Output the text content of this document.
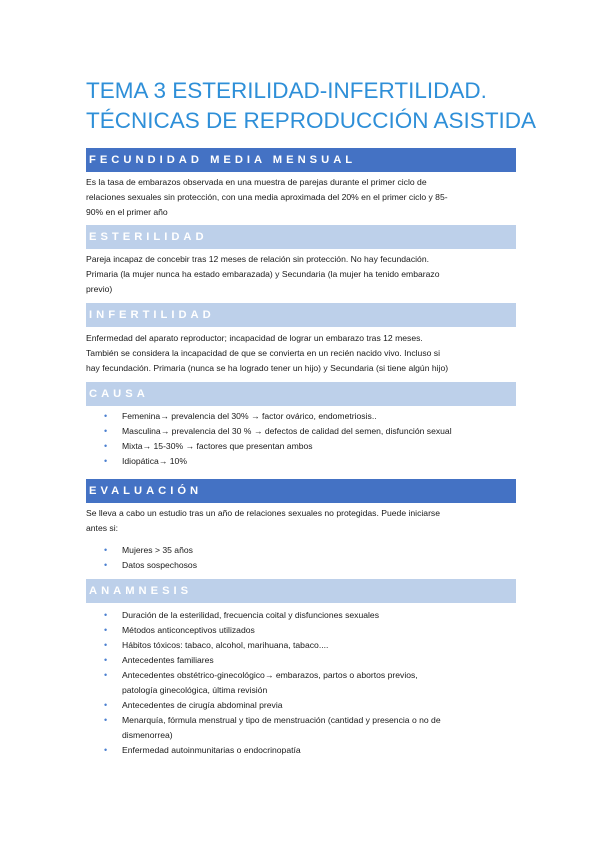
TEMA 3 ESTERILIDAD-INFERTILIDAD.
TÉCNICAS DE REPRODUCCIÓN ASISTIDA
FECUNDIDAD MEDIA MENSUAL

Es la tasa de embarazos observada en una muestra de parejas durante el primer ciclo de
relaciones sexuales sin protección, con una media aproximada del 20% en el primer ciclo y 85-
90% en el primer año

ESTERILIDAD

Pareja incapaz de concebir tras 12 meses de relación sin protección. No hay fecundación.
Primaria (la mujer nunca ha estado embarazada) y Secundaria (la mujer ha tenido embarazo
previo)

INFERTILIDAD

Enfermedad del aparato reproductor; incapacidad de lograr un embarazo tras 12 meses.
También se considera la incapacidad de que se convierta en un recién nacido vivo. Incluso si
hay fecundación. Primaria (nunca se ha logrado tener un hijo) y Secundaria (si tiene algún hijo)

CAUSA
• Femenina→ prevalencia del 30% → factor ovárico, endometriosis..
• Masculina→ prevalencia del 30 % → defectos de calidad del semen, disfunción sexual
• Mixta→ 15-30% → factores que presentan ambos
• Idiopática→ 10%
EVALUACIÓN

Se lleva a cabo un estudio tras un año de relaciones sexuales no protegidas. Puede iniciarse
antes si:

• Mujeres > 35 años
• Datos sospechosos
ANAMNESIS
• Duración de la esterilidad, frecuencia coital y disfunciones sexuales
• Métodos anticonceptivos utilizados
• Hábitos tóxicos: tabaco, alcohol, marihuana, tabaco....
• Antecedentes familiares
• Antecedentes obstétrico-ginecológico→ embarazos, partos o abortos previos,
patología ginecológica, última revisión
• Antecedentes de cirugía abdominal previa
• Menarquía, fórmula menstrual y tipo de menstruación (cantidad y presencia o no de
dismenorrea)
• Enfermedad autoinmunitarias o endocrinopatía
